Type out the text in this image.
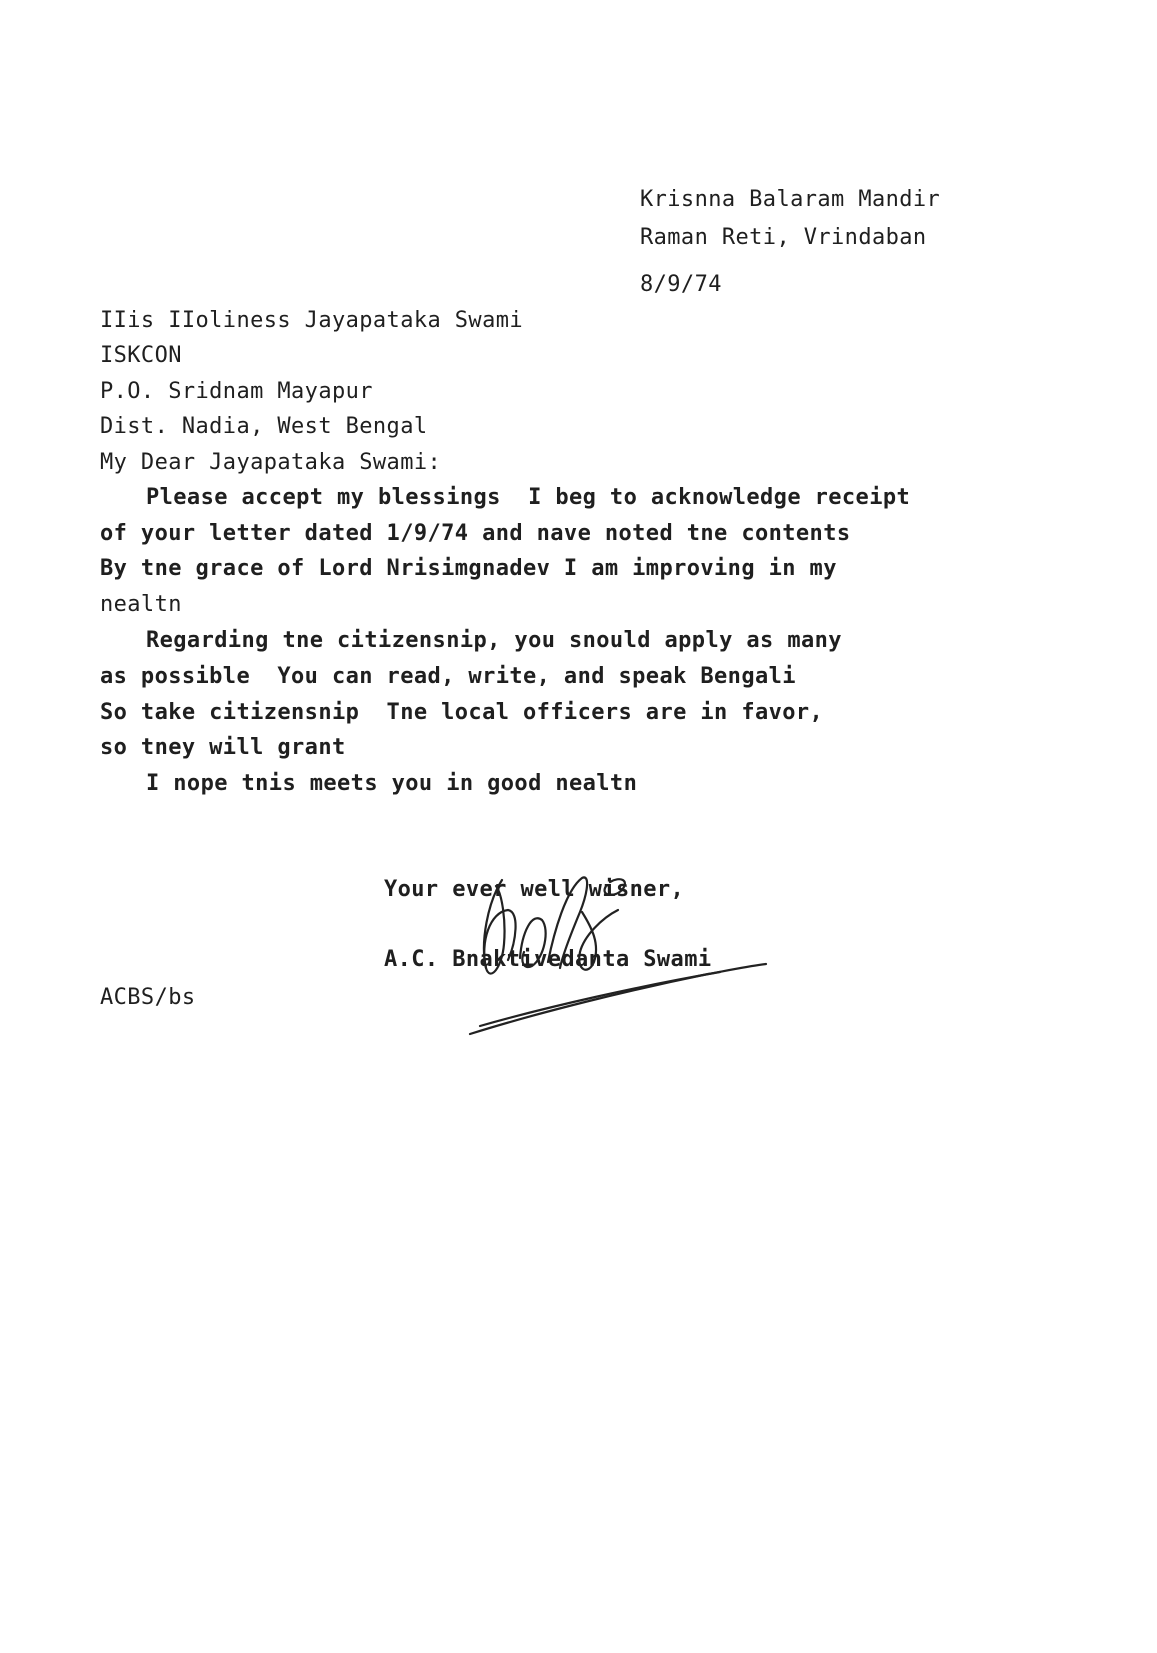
Krisnna Balaram Mandir
Raman Reti, Vrindaban
8/9/74
IIis IIoliness Jayapataka Swami
ISKCON
P.O. Sridnam Mayapur
Dist. Nadia, West Bengal
My Dear Jayapataka Swami:
Please accept my blessings  I beg to acknowledge receipt
of your letter dated 1/9/74 and nave noted tne contents
By tne grace of Lord Nrisimgnadev I am improving in my
nealtn
Regarding tne citizensnip, you snould apply as many
as possible  You can read, write, and speak Bengali
So take citizensnip  Tne local officers are in favor,
so tney will grant
I nope tnis meets you in good nealtn
Your ever well wisner,
A.C. Bnaktivedanta Swami
ACBS/bs
